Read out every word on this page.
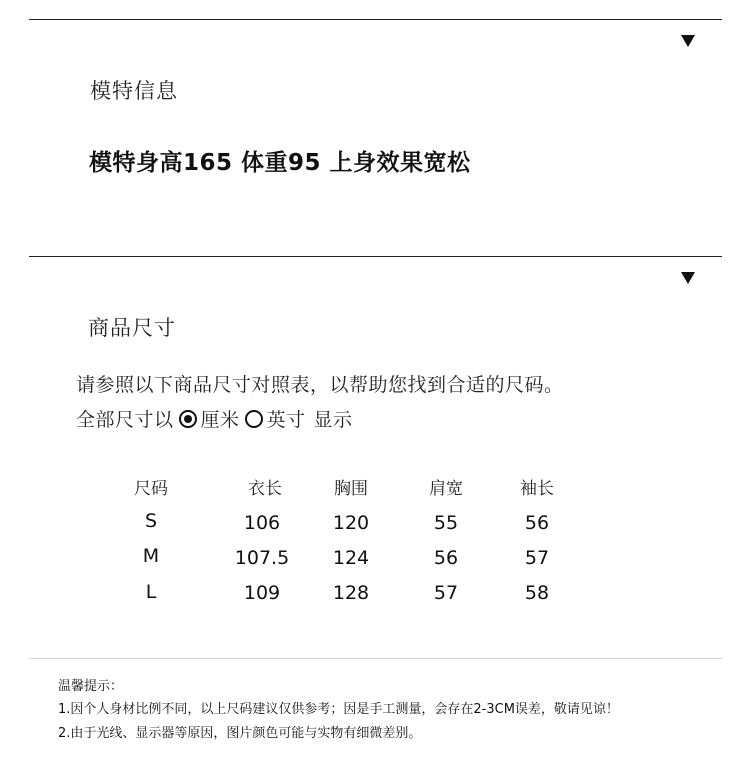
模特信息
模特身高165 体重95 上身效果宽松
商品尺寸
请参照以下商品尺寸对照表，以帮助您找到合适的尺码。
全部尺寸以 厘米 英寸 显示
尺码	衣长	胸围	肩宽	袖长
S	106	120	55	56
M	107.5	124	56	57
L	109	128	57	58
温馨提示：
1.因个人身材比例不同，以上尺码建议仅供参考；因是手工测量，会存在2-3CM误差，敬请见谅！
2.由于光线、显示器等原因，图片颜色可能与实物有细微差别。
